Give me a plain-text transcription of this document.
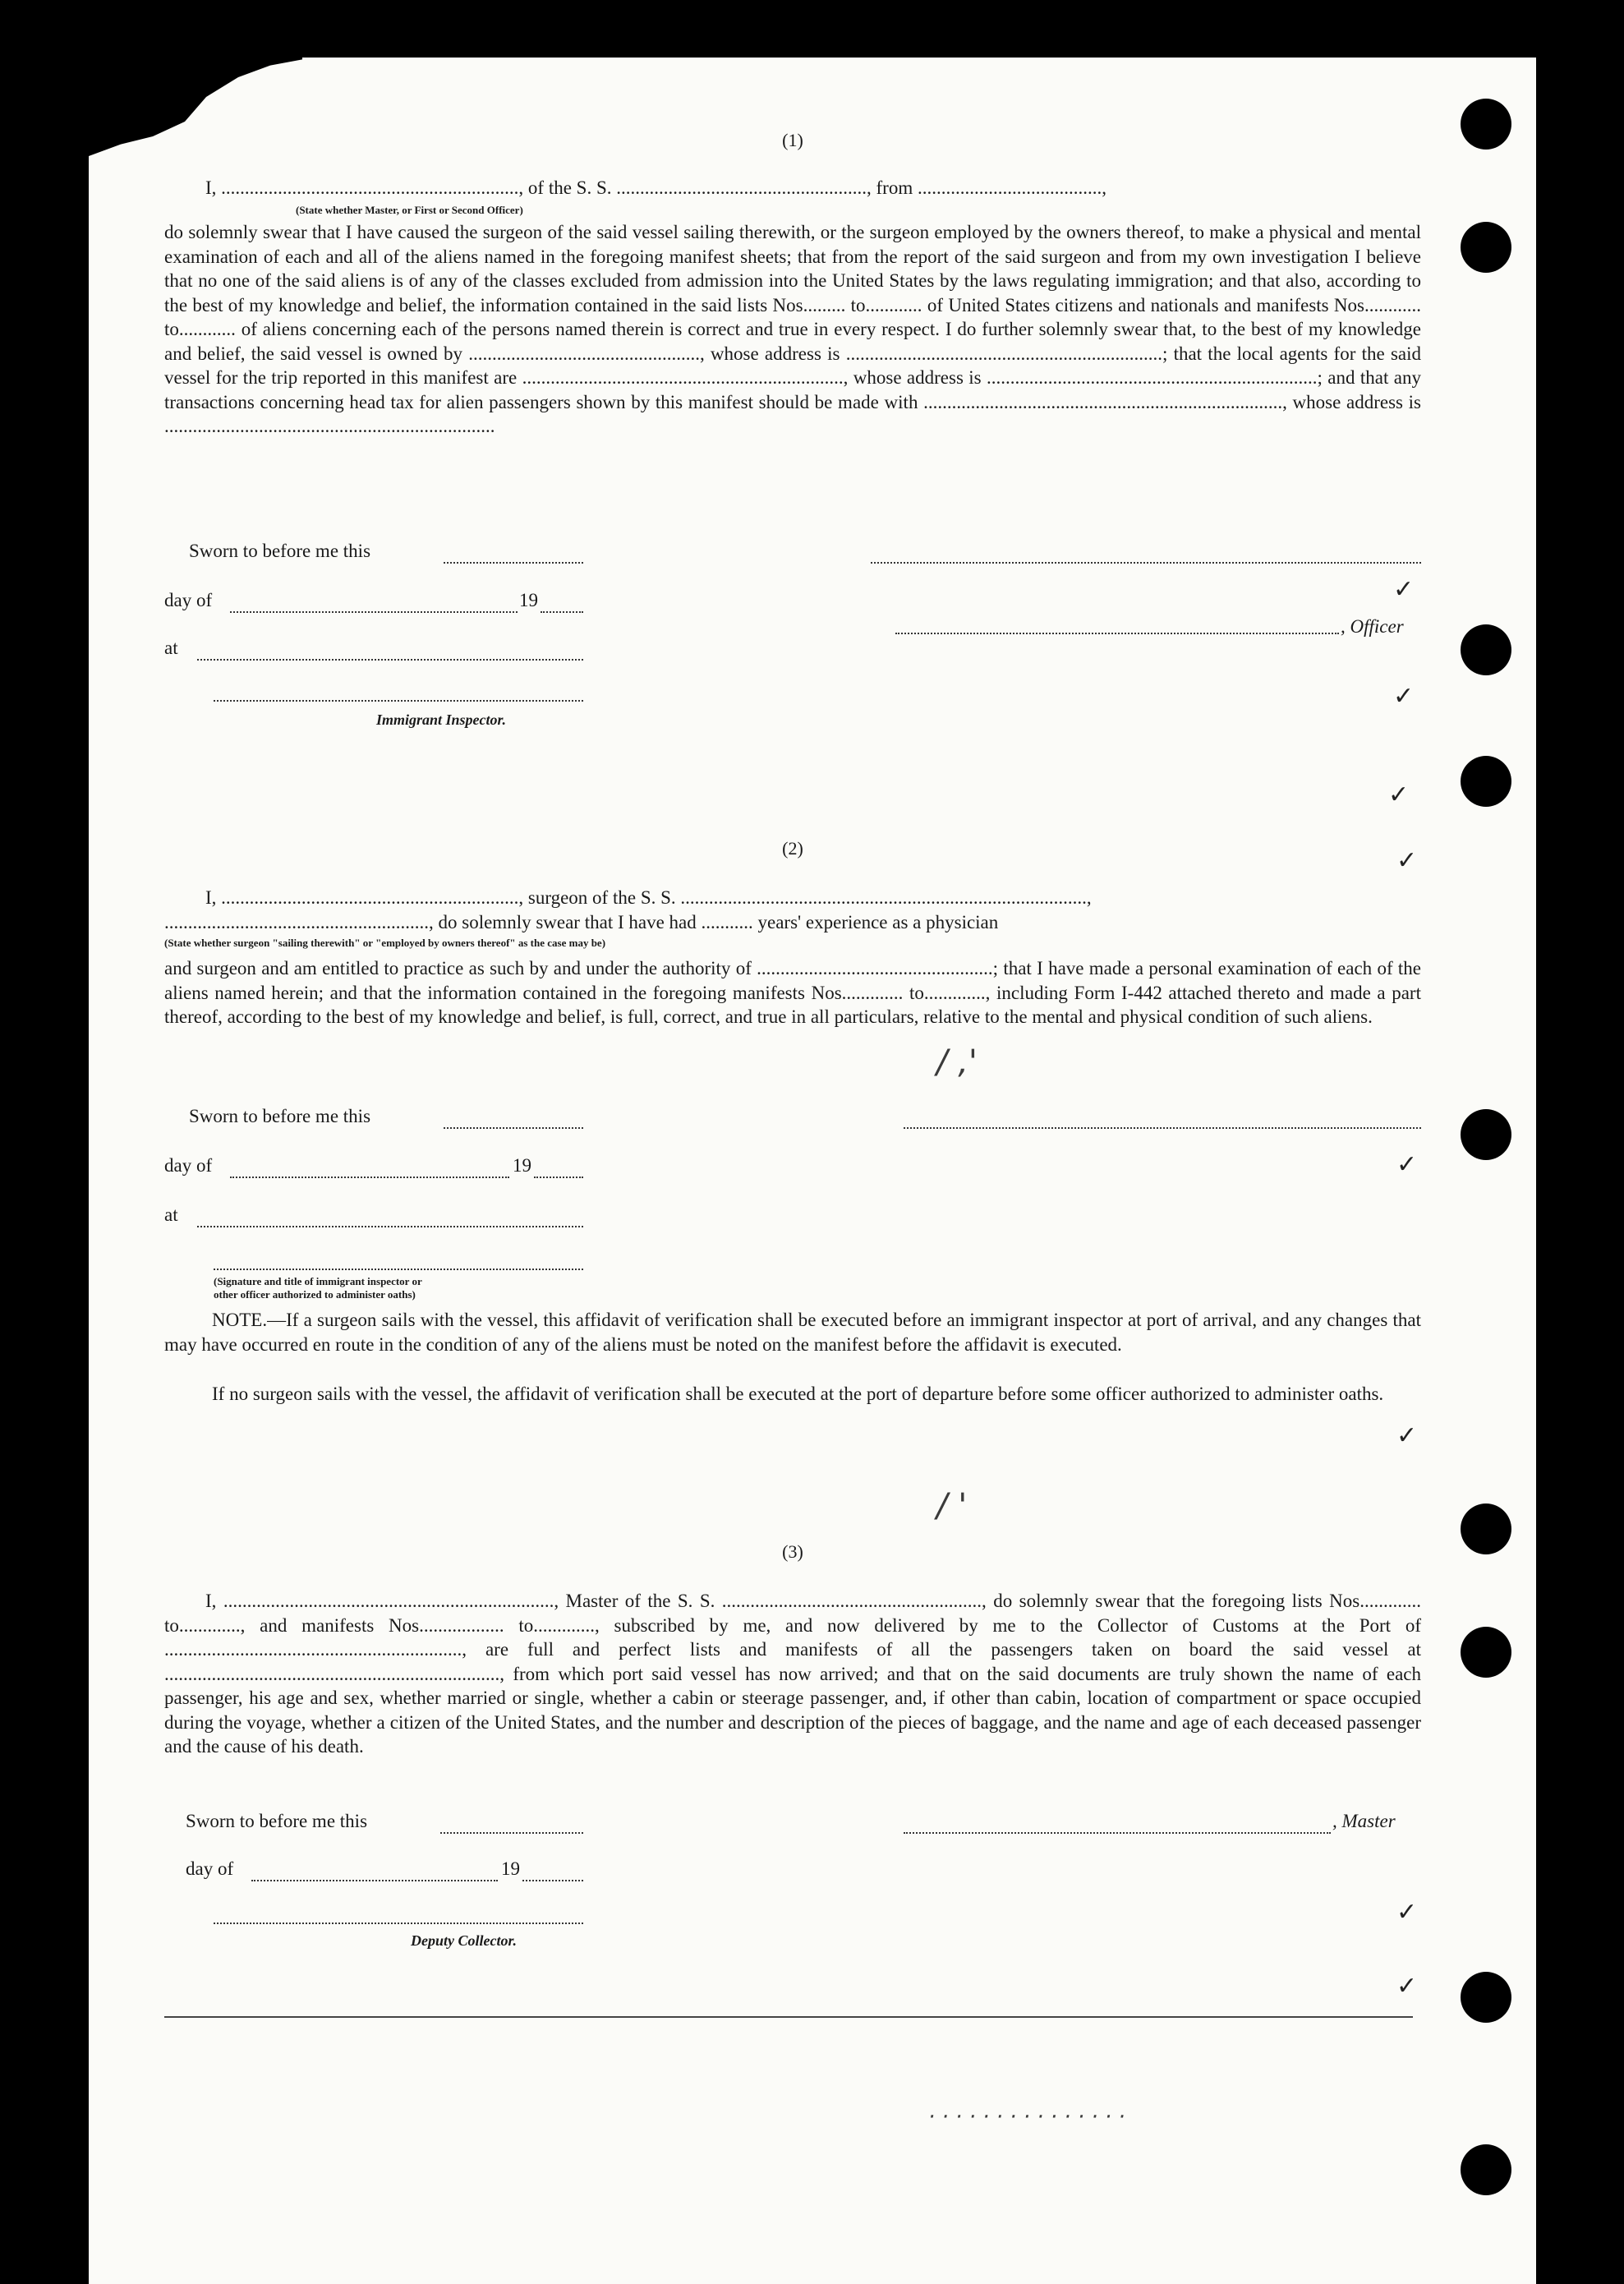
(1)
I, ..............................................................., of the S. S. ....................................................., from .......................................,
(State whether Master, or First or Second Officer)
do solemnly swear that I have caused the surgeon of the said vessel sailing therewith, or the surgeon employed by the owners thereof, to make a physical and mental examination of each and all of the aliens named in the foregoing manifest sheets; that from the report of the said surgeon and from my own investigation I believe that no one of the said aliens is of any of the classes excluded from admission into the United States by the laws regulating immigration; and that also, according to the best of my knowledge and belief, the information contained in the said lists Nos......... to............ of United States citizens and nationals and manifests Nos............ to............ of aliens concerning each of the persons named therein is correct and true in every respect. I do further solemnly swear that, to the best of my knowledge and belief, the said vessel is owned by ................................................., whose address is ...................................................................; that the local agents for the said vessel for the trip reported in this manifest are ...................................................................., whose address is ......................................................................; and that any transactions concerning head tax for alien passengers shown by this manifest should be made with ............................................................................, whose address is ......................................................................
Sworn to before me this
day of	19
at
, Officer
Immigrant Inspector.
(2)
I, ..............................................................., surgeon of the S. S. ......................................................................................,
........................................................, do solemnly swear that I have had ........... years' experience as a physician
(State whether surgeon "sailing therewith" or "employed by owners thereof" as the case may be)
and surgeon and am entitled to practice as such by and under the authority of ..................................................; that I have made a personal examination of each of the aliens named herein; and that the information contained in the foregoing manifests Nos............. to............., including Form I-442 attached thereto and made a part thereof, according to the best of my knowledge and belief, is full, correct, and true in all particulars, relative to the mental and physical condition of such aliens.
Sworn to before me this
day of	19
at
(Signature and title of immigrant inspector or
other officer authorized to administer oaths)
NOTE.—If a surgeon sails with the vessel, this affidavit of verification shall be executed before an immigrant inspector at port of arrival, and any changes that may have occurred en route in the condition of any of the aliens must be noted on the manifest before the affidavit is executed.
If no surgeon sails with the vessel, the affidavit of verification shall be executed at the port of departure before some officer authorized to administer oaths.
(3)
I, ......................................................................, Master of the S. S. ......................................................., do solemnly swear that the foregoing lists Nos............. to............., and manifests Nos.................. to............., subscribed by me, and now delivered by me to the Collector of Customs at the Port of ..............................................................., are full and perfect lists and manifests of all the passengers taken on board the said vessel at ......................................................................., from which port said vessel has now arrived; and that on the said documents are truly shown the name of each passenger, his age and sex, whether married or single, whether a cabin or steerage passenger, and, if other than cabin, location of compartment or space occupied during the voyage, whether a citizen of the United States, and the number and description of the pieces of baggage, and the name and age of each deceased passenger and the cause of his death.
Sworn to before me this	, Master
day of	19
Deputy Collector.
✓
✓
✓
✓
✓
✓
✓
✓
/ ,'
/ '
· · · · · · · · · · · · · · ·
